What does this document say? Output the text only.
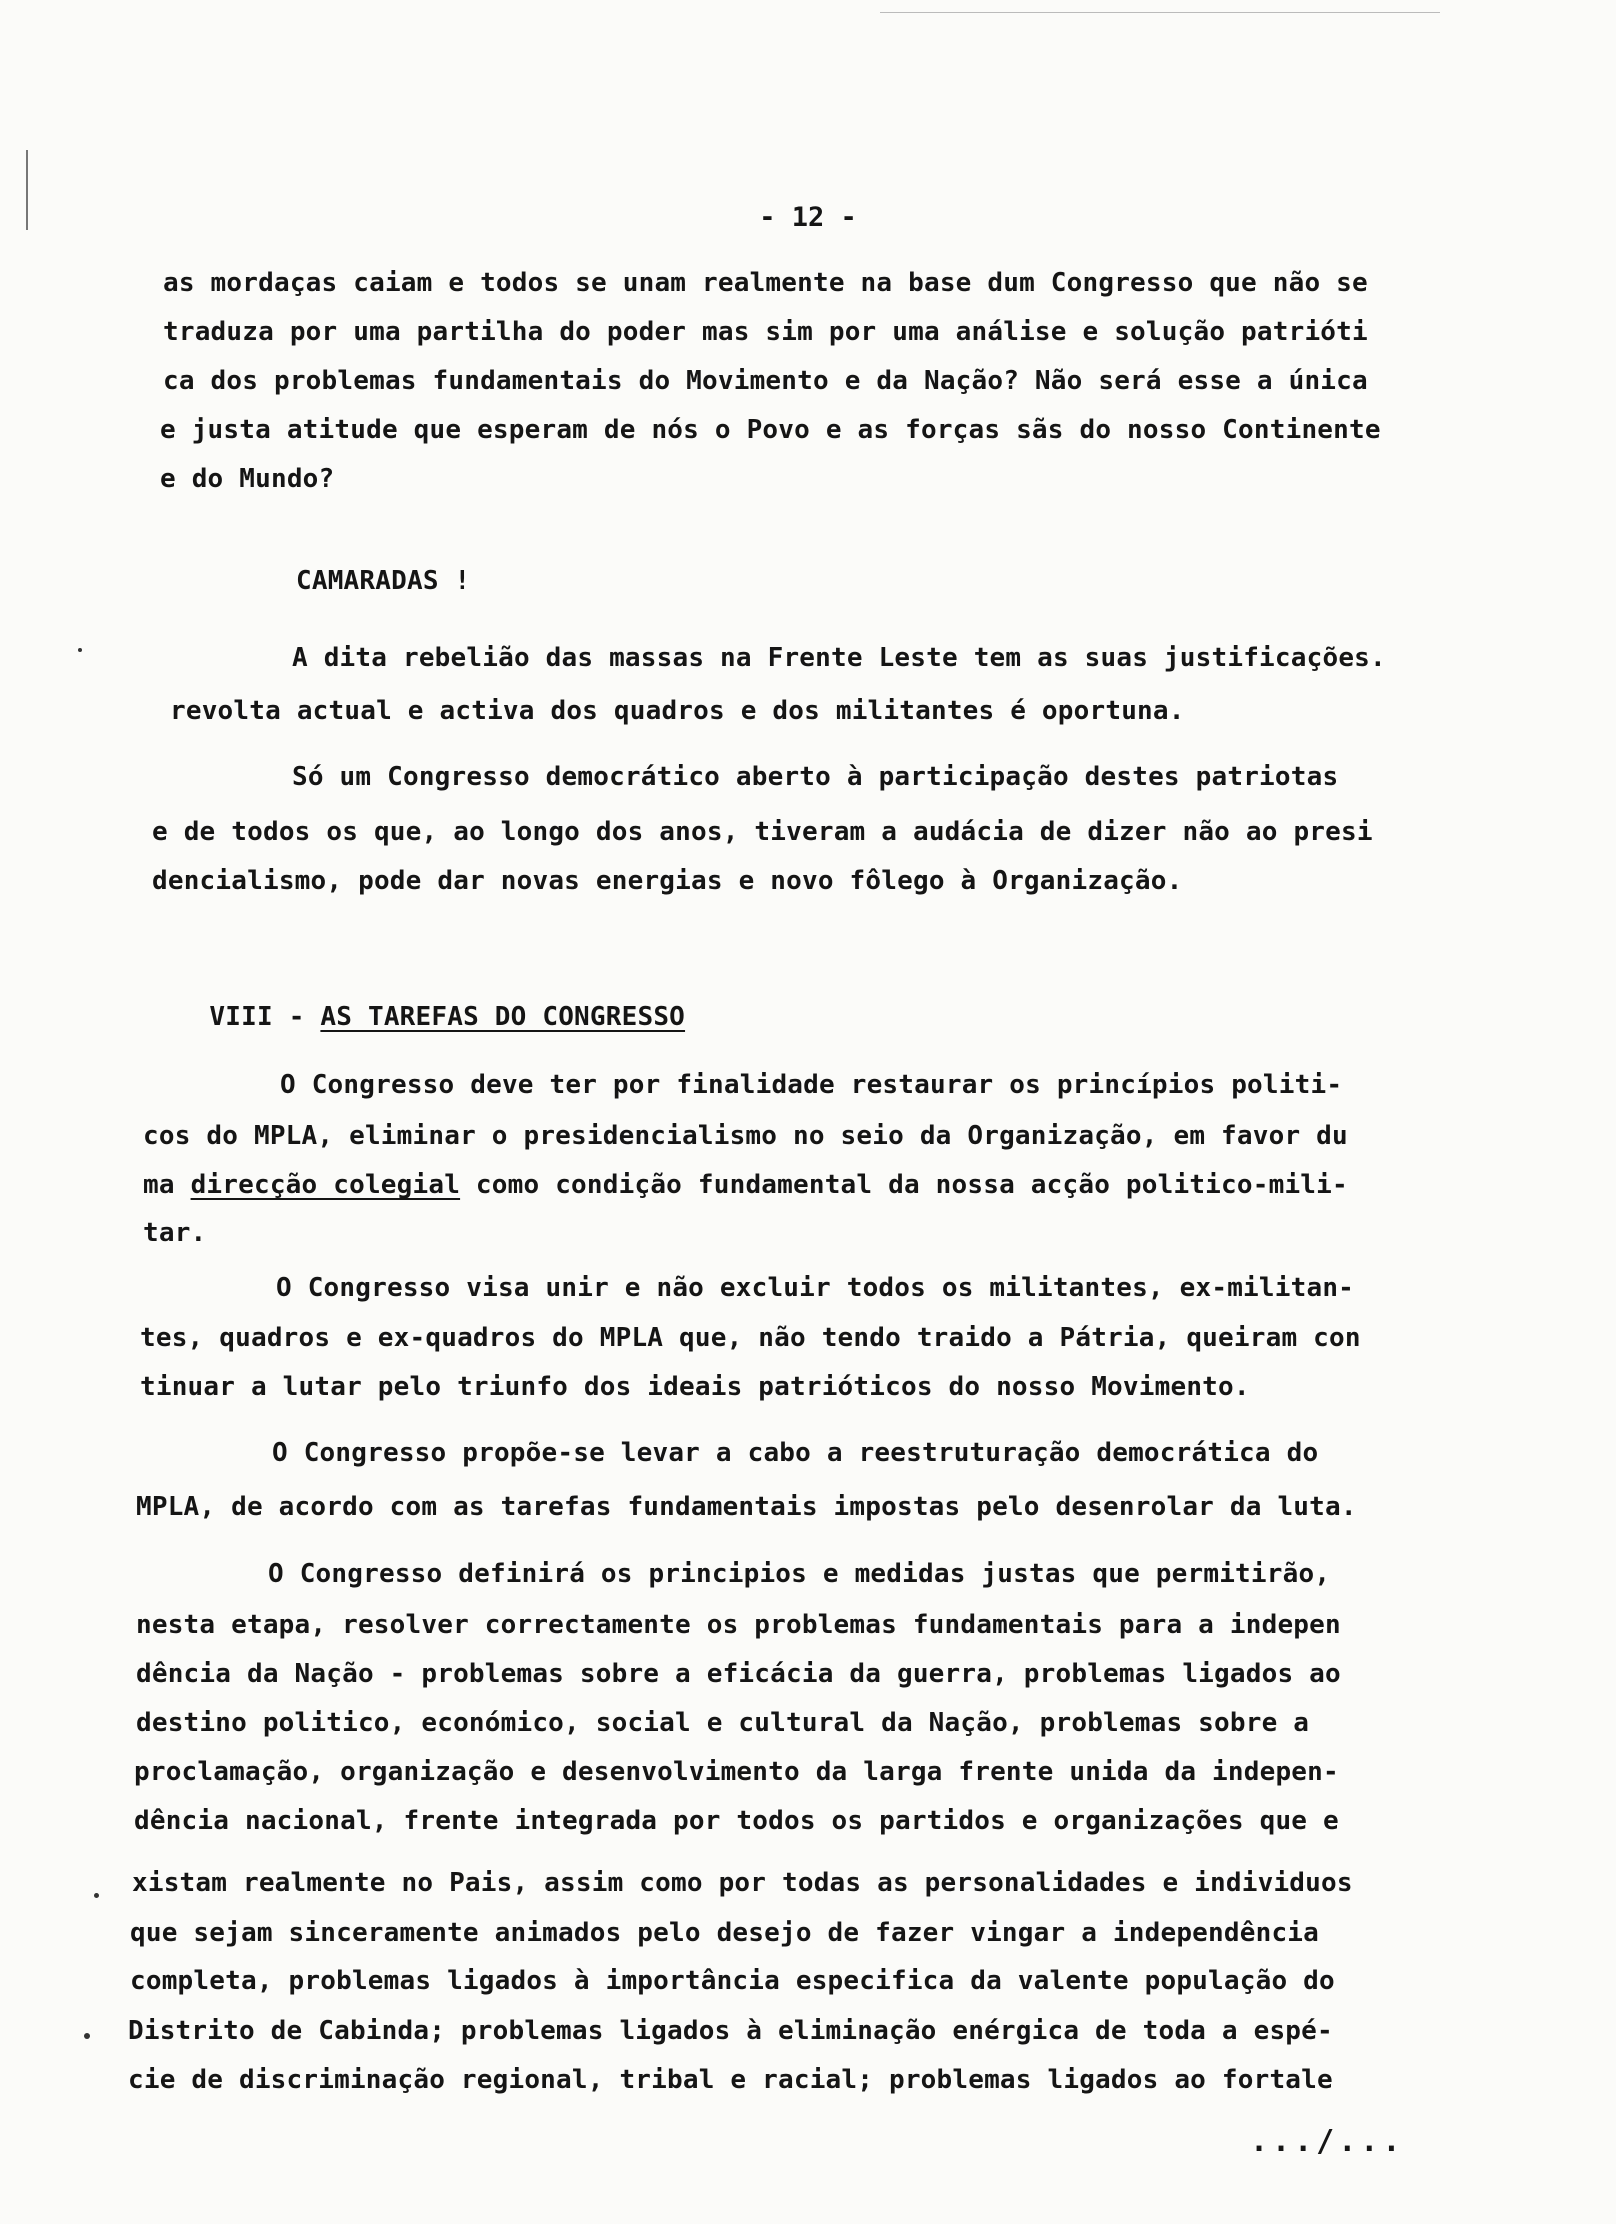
- 12 -
as mordaças caiam e todos se unam realmente na base dum Congresso que não se
traduza por uma partilha do poder mas sim por uma análise e solução patrióti
ca dos problemas fundamentais do Movimento e da Nação? Não será esse a única
e justa atitude que esperam de nós o Povo e as forças sãs do nosso Continente
e do Mundo?
CAMARADAS !
A dita rebelião das massas na Frente Leste tem as suas justificações.
revolta actual e activa dos quadros e dos militantes é oportuna.
Só um Congresso democrático aberto à participação destes patriotas
e de todos os que, ao longo dos anos, tiveram a audácia de dizer não ao presi
dencialismo, pode dar novas energias e novo fôlego à Organização.

VIII - AS TAREFAS DO CONGRESSO

O Congresso deve ter por finalidade restaurar os princípios politi-
cos do MPLA, eliminar o presidencialismo no seio da Organização, em favor du
ma direcção colegial como condição fundamental da nossa acção politico-mili-
tar.
O Congresso visa unir e não excluir todos os militantes, ex-militan-
tes, quadros e ex-quadros do MPLA que, não tendo traido a Pátria, queiram con
tinuar a lutar pelo triunfo dos ideais patrióticos do nosso Movimento.
O Congresso propõe-se levar a cabo a reestruturação democrática do
MPLA, de acordo com as tarefas fundamentais impostas pelo desenrolar da luta.
O Congresso definirá os principios e medidas justas que permitirão,
nesta etapa, resolver correctamente os problemas fundamentais para a indepen
dência da Nação - problemas sobre a eficácia da guerra, problemas ligados ao
destino politico, económico, social e cultural da Nação, problemas sobre a
proclamação, organização e desenvolvimento da larga frente unida da indepen-
dência nacional, frente integrada por todos os partidos e organizações que e
xistam realmente no Pais, assim como por todas as personalidades e individuos
que sejam sinceramente animados pelo desejo de fazer vingar a independência
completa, problemas ligados à importância especifica da valente população do
Distrito de Cabinda; problemas ligados à eliminação enérgica de toda a espé-
cie de discriminação regional, tribal e racial; problemas ligados ao fortale
.../...
